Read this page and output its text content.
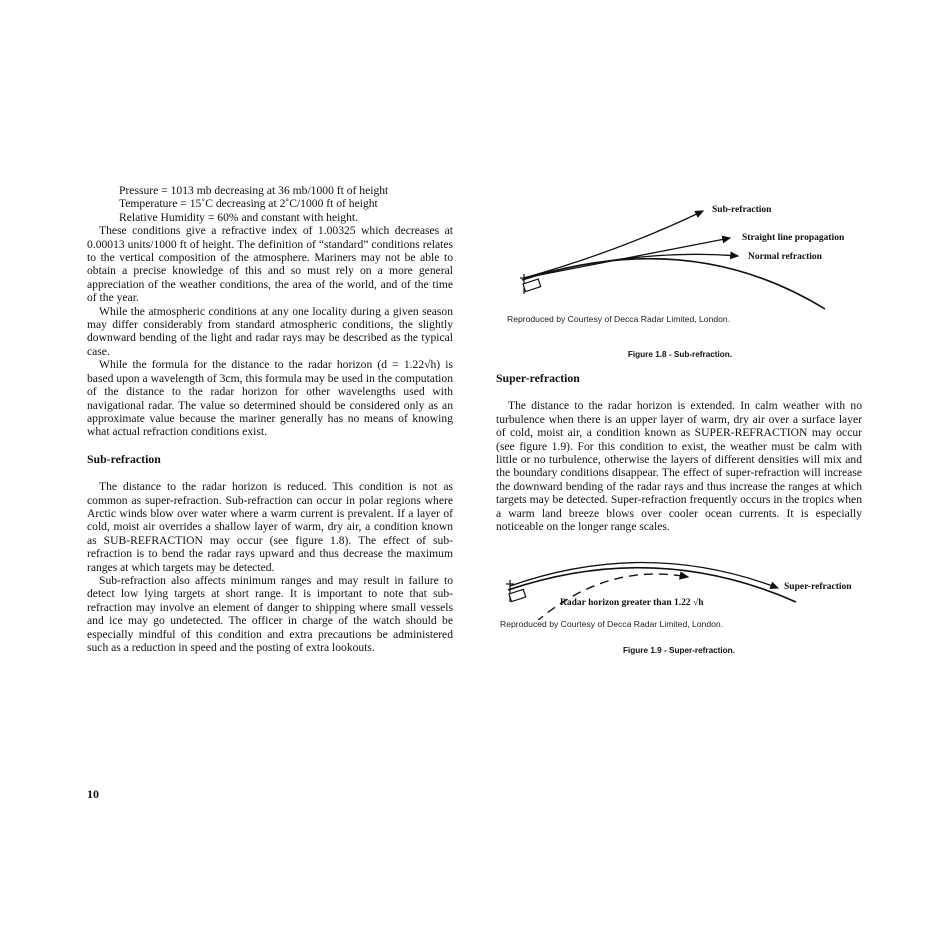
Pressure = 1013 mb decreasing at 36 mb/1000 ft of height

Temperature = 15˚C decreasing at 2˚C/1000 ft of height

Relative Humidity = 60% and constant with height.

These conditions give a refractive index of 1.00325 which decreases at 0.00013 units/1000 ft of height. The definition of “standard” conditions relates to the vertical composition of the atmosphere. Mariners may not be able to obtain a precise knowledge of this and so must rely on a more general appreciation of the weather conditions, the area of the world, and of the time of the year.

While the atmospheric conditions at any one locality during a given season may differ considerably from standard atmospheric conditions, the slightly downward bending of the light and radar rays may be described as the typical case.

While the formula for the distance to the radar horizon (d = 1.22√h) is based upon a wavelength of 3cm, this formula may be used in the computation of the distance to the radar horizon for other wavelengths used with navigational radar. The value so determined should be considered only as an approximate value because the mariner generally has no means of knowing what actual refraction conditions exist.

Sub-refraction

The distance to the radar horizon is reduced. This condition is not as common as super-refraction. Sub-refraction can occur in polar regions where Arctic winds blow over water where a warm current is prevalent. If a layer of cold, moist air overrides a shallow layer of warm, dry air, a condition known as SUB-REFRACTION may occur (see figure 1.8). The effect of sub-refraction is to bend the radar rays upward and thus decrease the maximum ranges at which targets may be detected.

Sub-refraction also affects minimum ranges and may result in failure to detect low lying targets at short range. It is important to note that sub-refraction may involve an element of danger to shipping where small vessels and ice may go undetected. The officer in charge of the watch should be especially mindful of this condition and extra precautions be administered such as a reduction in speed and the posting of extra lookouts.

Sub-refraction
Straight line propagation
Normal refraction
Reproduced by Courtesy of Decca Radar Limited, London.
Figure 1.8 - Sub-refraction.
Super-refraction

The distance to the radar horizon is extended. In calm weather with no turbulence when there is an upper layer of warm, dry air over a surface layer of cold, moist air, a condition known as SUPER-REFRACTION may occur (see figure 1.9). For this condition to exist, the weather must be calm with little or no turbulence, otherwise the layers of different densities will mix and the boundary conditions disappear. The effect of super-refraction will increase the downward bending of the radar rays and thus increase the ranges at which targets may be detected. Super-refraction frequently occurs in the tropics when a warm land breeze blows over cooler ocean currents. It is especially noticeable on the longer range scales.

Super-refraction
Radar horizon greater than 1.22 √h
Reproduced by Courtesy of Decca Radar Limited, London.
Figure 1.9 - Super-refraction.
10
